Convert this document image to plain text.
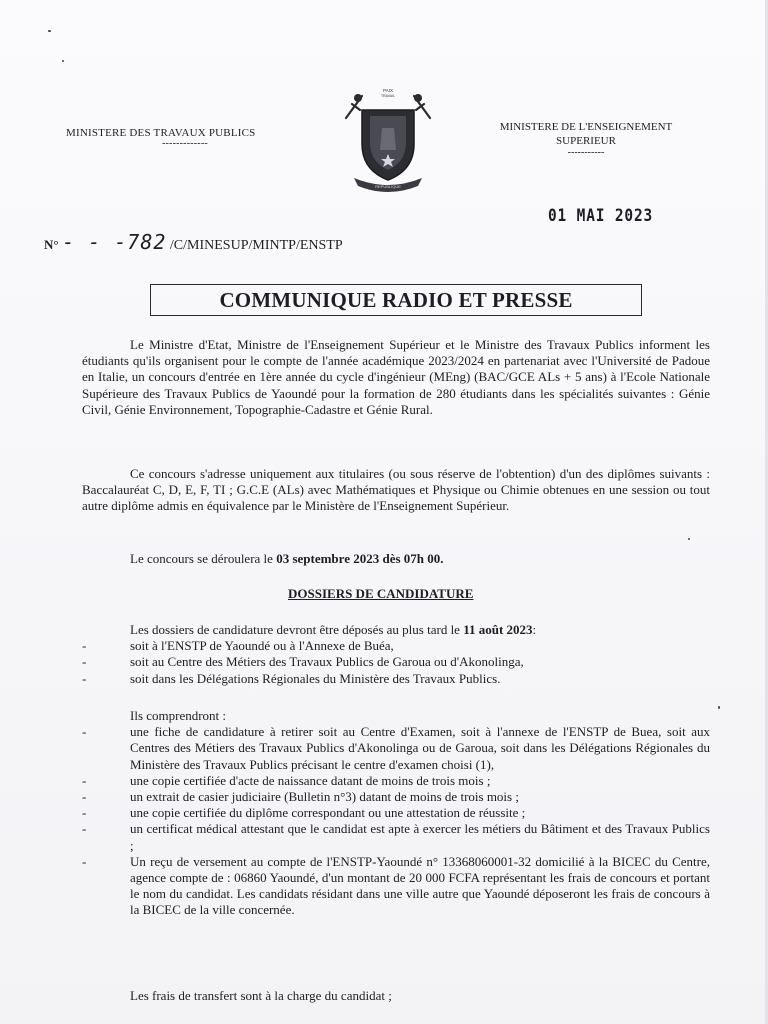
MINISTERE DES TRAVAUX PUBLICS
-------------
PAIX
TRAVAIL
REPUBLIQUE
MINISTERE DE L'ENSEIGNEMENT SUPERIEUR
-----------
01 MAI 2023
N° - - -782 /C/MINESUP/MINTP/ENSTP
COMMUNIQUE RADIO ET PRESSE
Le Ministre d'Etat, Ministre de l'Enseignement Supérieur et le Ministre des Travaux Publics informent les étudiants qu'ils organisent pour le compte de l'année académique 2023/2024 en partenariat avec l'Université de Padoue en Italie, un concours d'entrée en 1ère année du cycle d'ingénieur (MEng) (BAC/GCE ALs + 5 ans) à l'Ecole Nationale Supérieure des Travaux Publics de Yaoundé pour la formation de 280 étudiants dans les spécialités suivantes : Génie Civil, Génie Environnement, Topographie-Cadastre et Génie Rural.
Ce concours s'adresse uniquement aux titulaires (ou sous réserve de l'obtention) d'un des diplômes suivants : Baccalauréat C, D, E, F, TI ; G.C.E (ALs) avec Mathématiques et Physique ou Chimie obtenues en une session ou tout autre diplôme admis en équivalence par le Ministère de l'Enseignement Supérieur.
Le concours se déroulera le 03 septembre 2023 dès 07h 00.
DOSSIERS DE CANDIDATURE
Les dossiers de candidature devront être déposés au plus tard le 11 août 2023:
- soit à l'ENSTP de Yaoundé ou à l'Annexe de Buéa,
- soit au Centre des Métiers des Travaux Publics de Garoua ou d'Akonolinga,
- soit dans les Délégations Régionales du Ministère des Travaux Publics.
Ils comprendront :
- une fiche de candidature à retirer soit au Centre d'Examen, soit à l'annexe de l'ENSTP de Buea, soit aux Centres des Métiers des Travaux Publics d'Akonolinga ou de Garoua, soit dans les Délégations Régionales du Ministère des Travaux Publics précisant le centre d'examen choisi (1),
- une copie certifiée d'acte de naissance datant de moins de trois mois ;
- un extrait de casier judiciaire (Bulletin n°3) datant de moins de trois mois ;
- une copie certifiée du diplôme correspondant ou une attestation de réussite ;
- un certificat médical attestant que le candidat est apte à exercer les métiers du Bâtiment et des Travaux Publics ;
- Un reçu de versement au compte de l'ENSTP-Yaoundé n° 13368060001-32 domicilié à la BICEC du Centre, agence compte de : 06860 Yaoundé, d'un montant de 20 000 FCFA représentant les frais de concours et portant le nom du candidat. Les candidats résidant dans une ville autre que Yaoundé déposeront les frais de concours à la BICEC de la ville concernée.
Les frais de transfert sont à la charge du candidat ;
